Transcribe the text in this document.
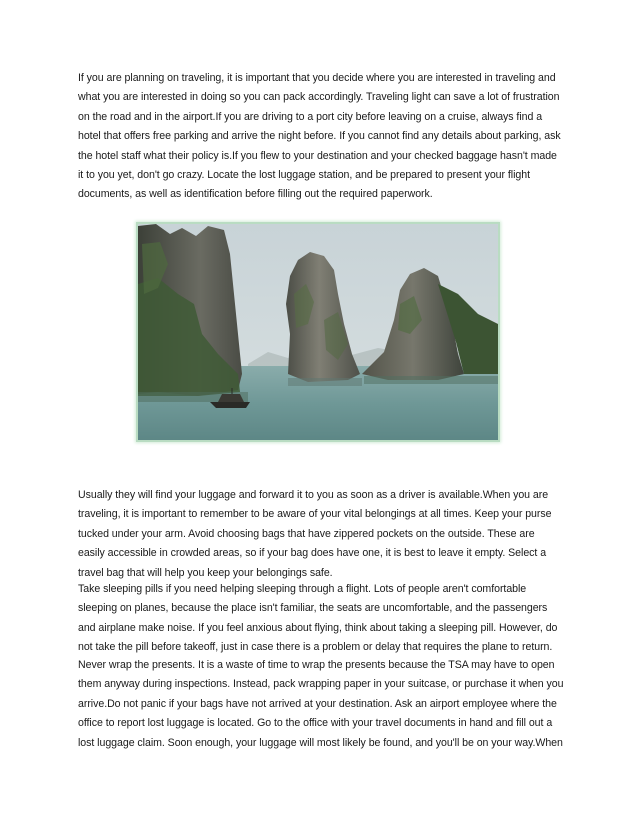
If you are planning on traveling, it is important that you decide where you are interested in traveling and what you are interested in doing so you can pack accordingly. Traveling light can save a lot of frustration on the road and in the airport.If you are driving to a port city before leaving on a cruise, always find a hotel that offers free parking and arrive the night before. If you cannot find any details about parking, ask the hotel staff what their policy is.If you flew to your destination and your checked baggage hasn't made it to you yet, don't go crazy. Locate the lost luggage station, and be prepared to present your flight documents, as well as identification before filling out the required paperwork.

Usually they will find your luggage and forward it to you as soon as a driver is available.When you are traveling, it is important to remember to be aware of your vital belongings at all times. Keep your purse tucked under your arm. Avoid choosing bags that have zippered pockets on the outside. These are easily accessible in crowded areas, so if your bag does have one, it is best to leave it empty. Select a travel bag that will help you keep your belongings safe.

Take sleeping pills if you need helping sleeping through a flight. Lots of people aren't comfortable sleeping on planes, because the place isn't familiar, the seats are uncomfortable, and the passengers and airplane make noise. If you feel anxious about flying, think about taking a sleeping pill. However, do not take the pill before takeoff, just in case there is a problem or delay that requires the plane to return.

Never wrap the presents. It is a waste of time to wrap the presents because the TSA may have to open them anyway during inspections. Instead, pack wrapping paper in your suitcase, or purchase it when you arrive.Do not panic if your bags have not arrived at your destination. Ask an airport employee where the office to report lost luggage is located. Go to the office with your travel documents in hand and fill out a lost luggage claim. Soon enough, your luggage will most likely be found, and you'll be on your way.When
